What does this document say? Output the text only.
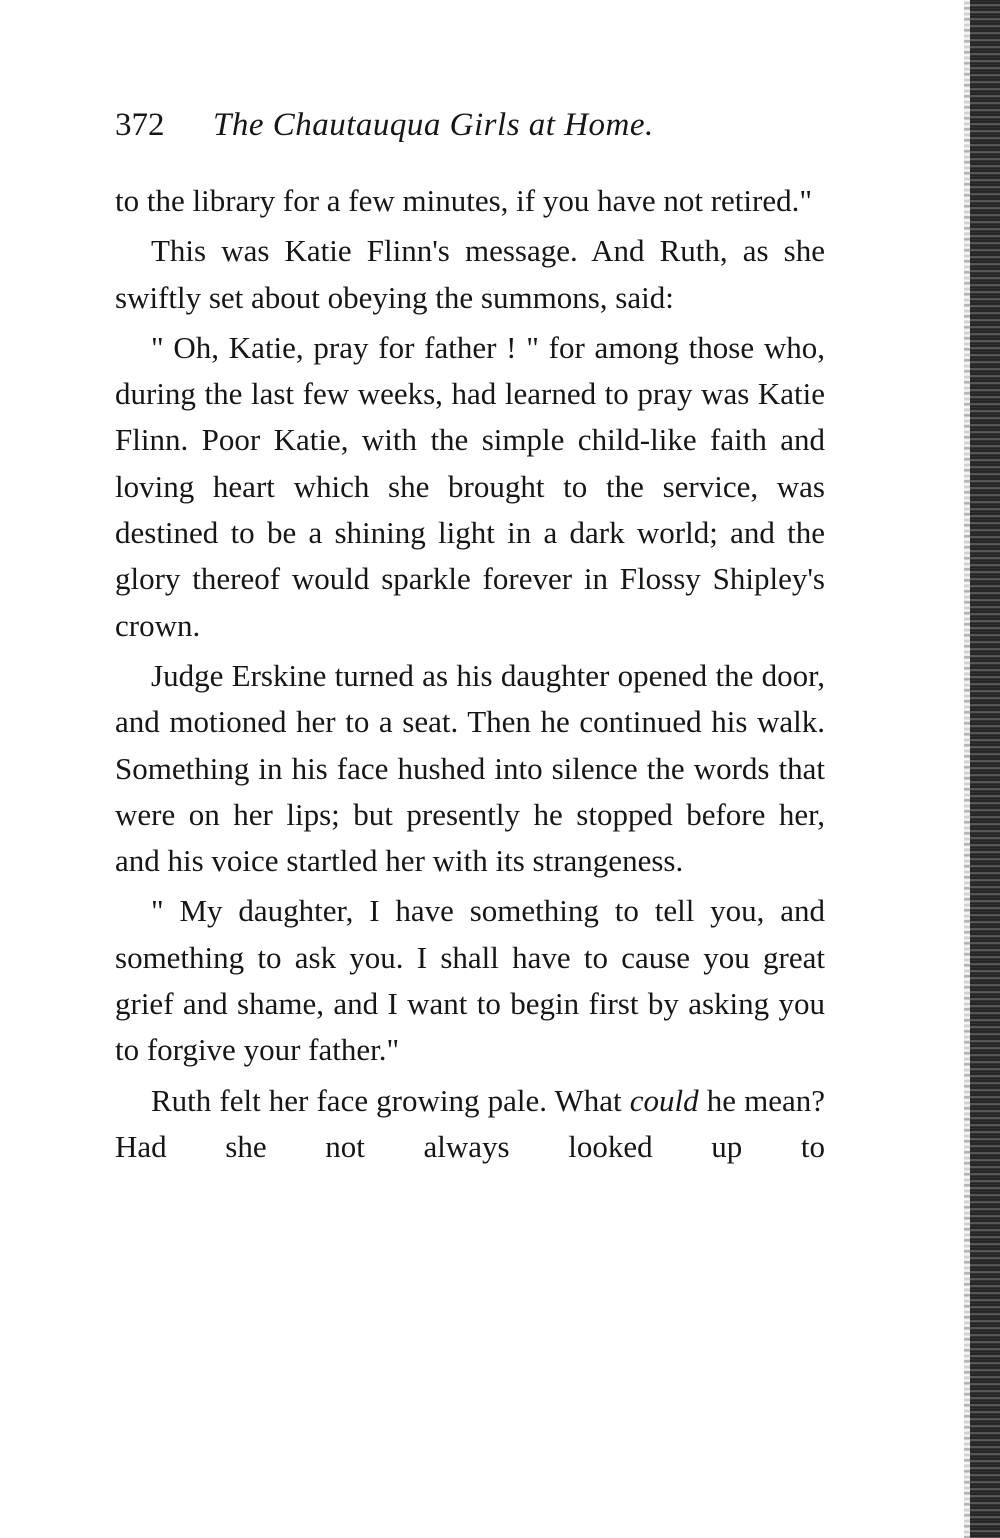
372 The Chautauqua Girls at Home.

to the library for a few minutes, if you have not retired."

This was Katie Flinn's message. And Ruth, as she swiftly set about obeying the summons, said:

" Oh, Katie, pray for father ! " for among those who, during the last few weeks, had learned to pray was Katie Flinn. Poor Katie, with the simple child-like faith and loving heart which she brought to the service, was destined to be a shining light in a dark world; and the glory thereof would sparkle forever in Flossy Shipley's crown.

Judge Erskine turned as his daughter opened the door, and motioned her to a seat. Then he continued his walk. Something in his face hushed into silence the words that were on her lips; but presently he stopped before her, and his voice startled her with its strangeness.

" My daughter, I have something to tell you, and something to ask you. I shall have to cause you great grief and shame, and I want to begin first by asking you to forgive your father."

Ruth felt her face growing pale. What could he mean? Had she not always looked up to
